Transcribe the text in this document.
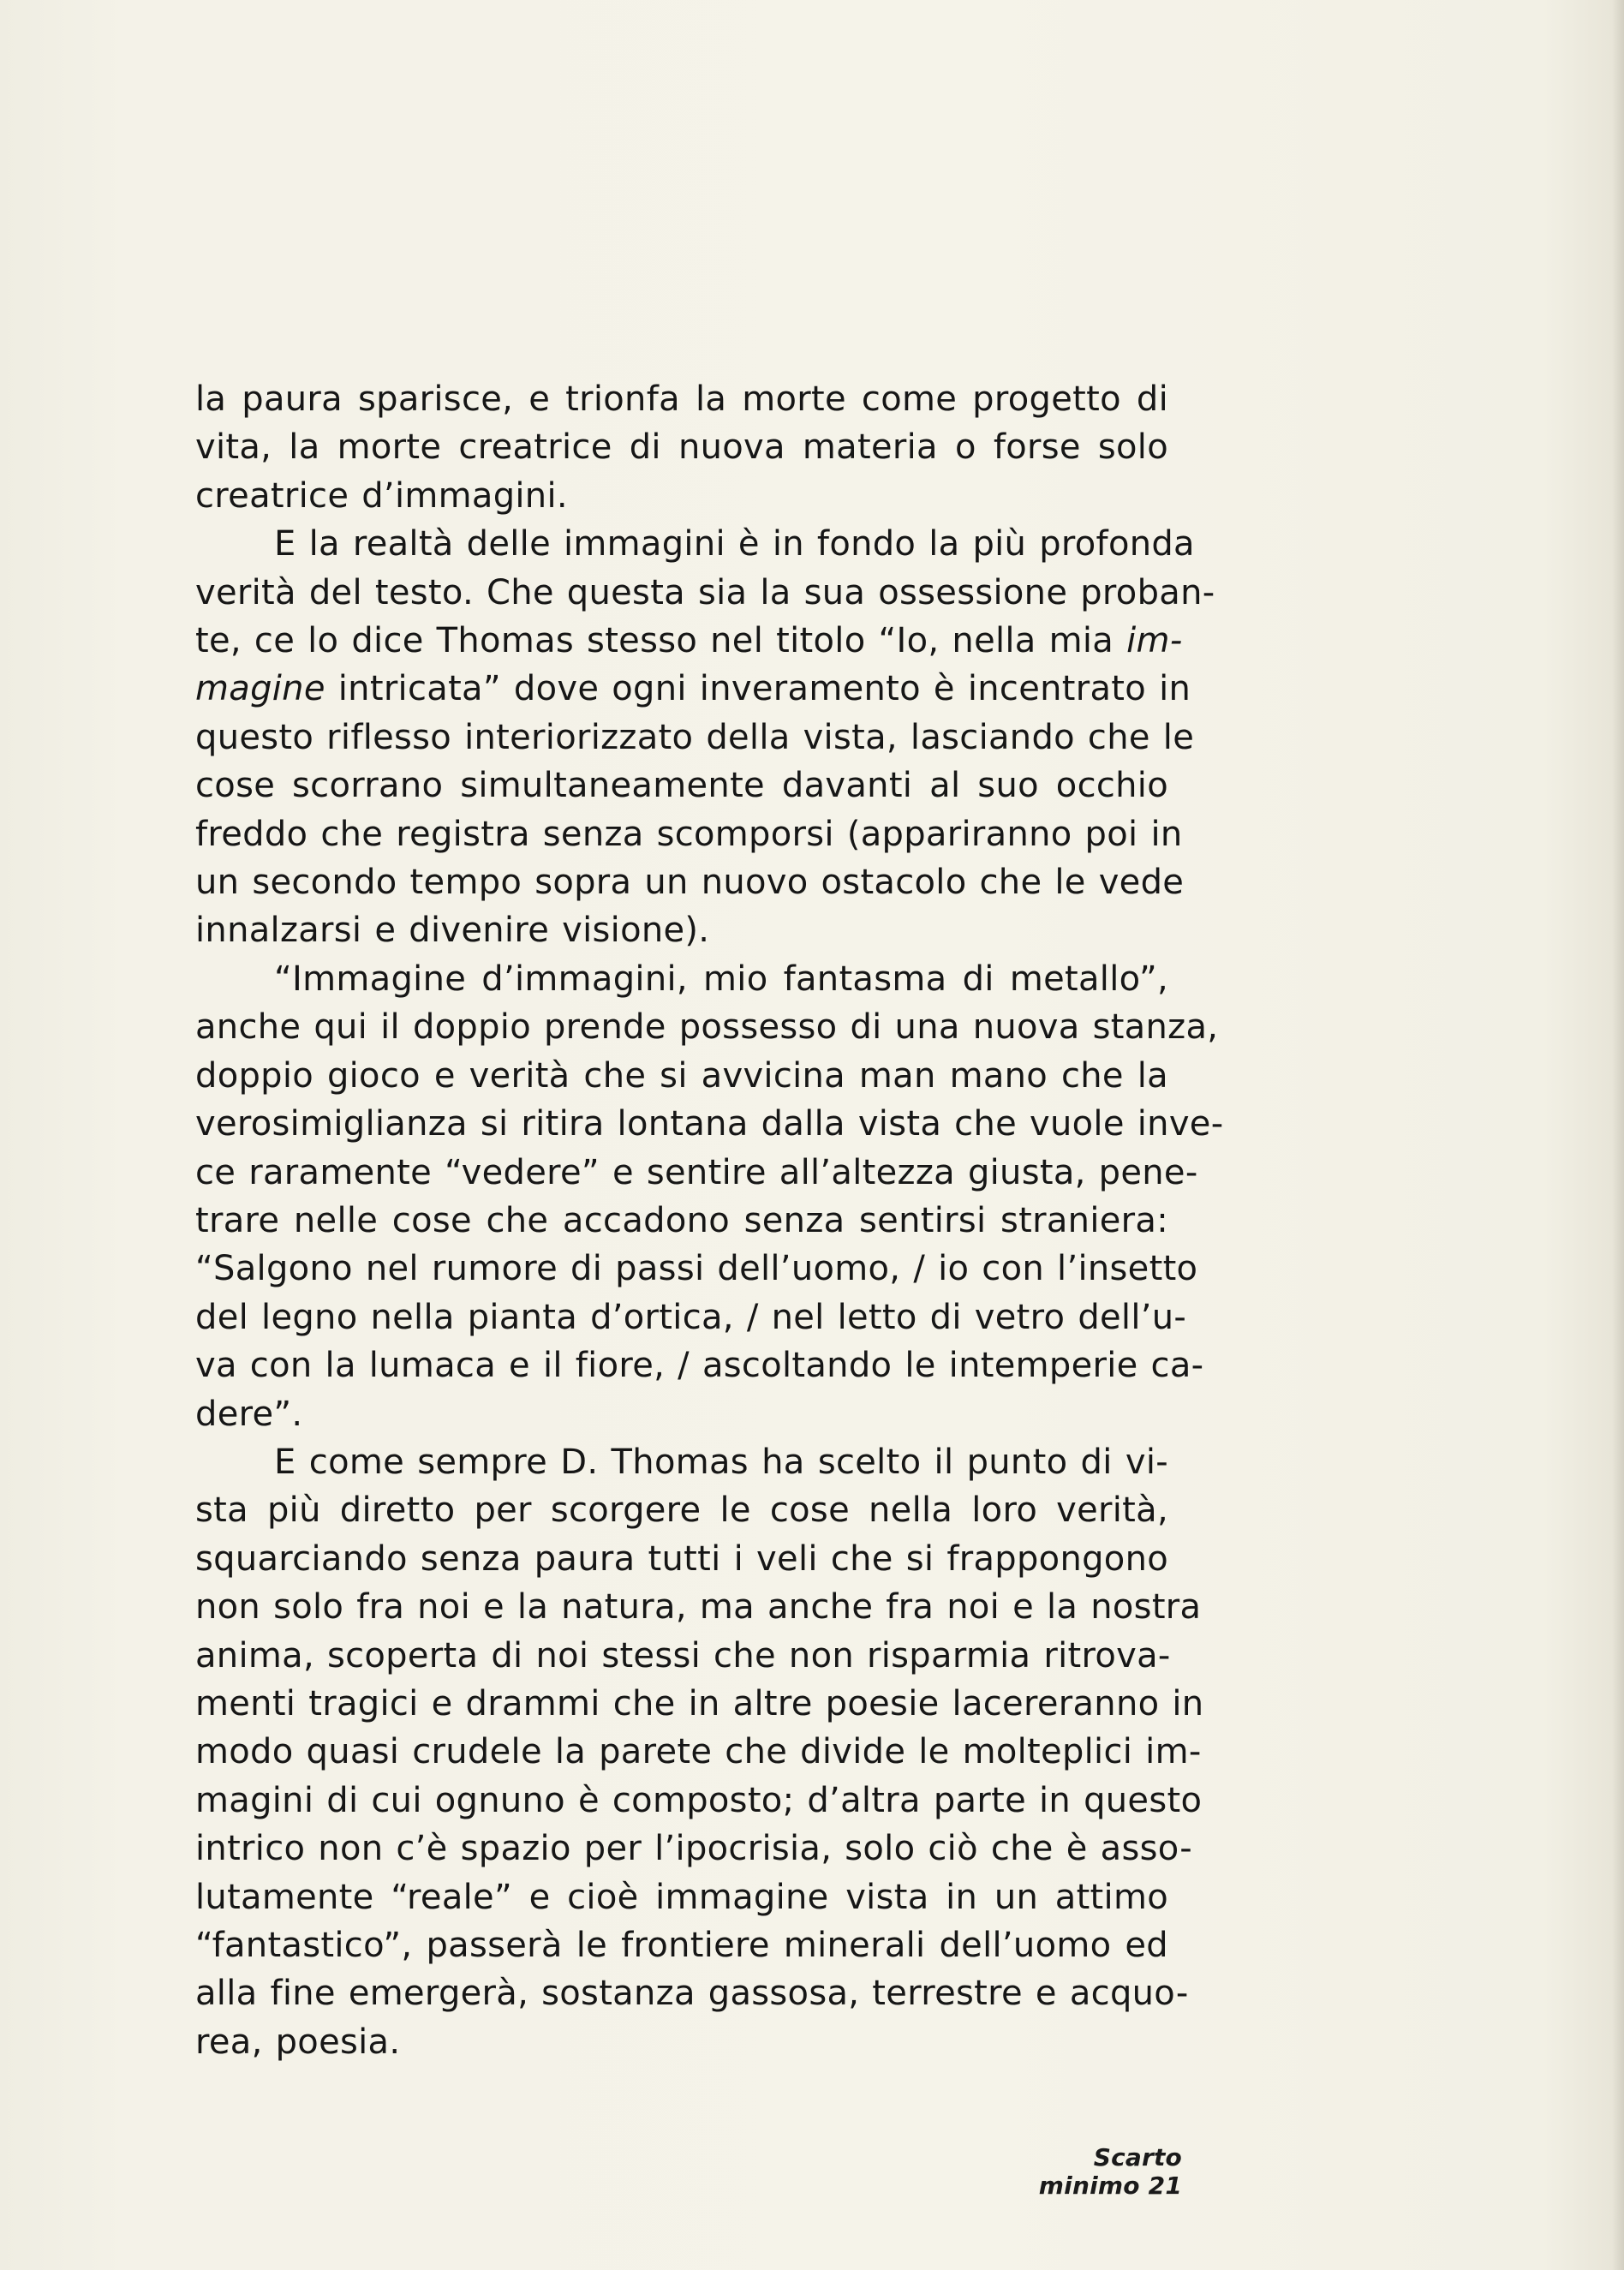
la paura sparisce, e trionfa la morte come progetto di
vita, la morte creatrice di nuova materia o forse solo
creatrice d’immagini.
E la realtà delle immagini è in fondo la più profonda
verità del testo. Che questa sia la sua ossessione proban-
te, ce lo dice Thomas stesso nel titolo “Io, nella mia im-
magine intricata” dove ogni inveramento è incentrato in
questo riflesso interiorizzato della vista, lasciando che le
cose scorrano simultaneamente davanti al suo occhio
freddo che registra senza scomporsi (appariranno poi in
un secondo tempo sopra un nuovo ostacolo che le vede
innalzarsi e divenire visione).
“Immagine d’immagini, mio fantasma di metallo”,
anche qui il doppio prende possesso di una nuova stanza,
doppio gioco e verità che si avvicina man mano che la
verosimiglianza si ritira lontana dalla vista che vuole inve-
ce raramente “vedere” e sentire all’altezza giusta, pene-
trare nelle cose che accadono senza sentirsi straniera:
“Salgono nel rumore di passi dell’uomo, / io con l’insetto
del legno nella pianta d’ortica, / nel letto di vetro dell’u-
va con la lumaca e il fiore, / ascoltando le intemperie ca-
dere”.
E come sempre D. Thomas ha scelto il punto di vi-
sta più diretto per scorgere le cose nella loro verità,
squarciando senza paura tutti i veli che si frappongono
non solo fra noi e la natura, ma anche fra noi e la nostra
anima, scoperta di noi stessi che non risparmia ritrova-
menti tragici e drammi che in altre poesie lacereranno in
modo quasi crudele la parete che divide le molteplici im-
magini di cui ognuno è composto; d’altra parte in questo
intrico non c’è spazio per l’ipocrisia, solo ciò che è asso-
lutamente “reale” e cioè immagine vista in un attimo
“fantastico”, passerà le frontiere minerali dell’uomo ed
alla fine emergerà, sostanza gassosa, terrestre e acquo-
rea, poesia.
Scarto minimo 21
